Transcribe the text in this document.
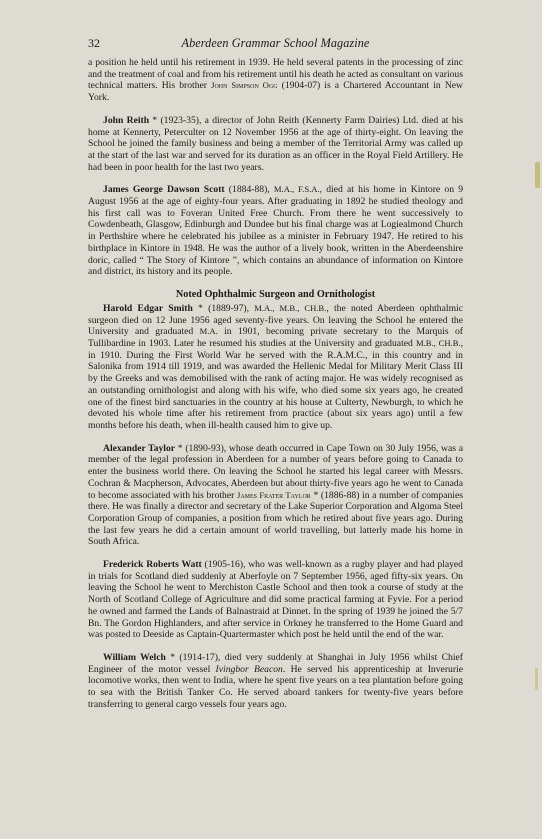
32	Aberdeen Grammar School Magazine

a position he held until his retirement in 1939. He held several patents in the processing of zinc and the treatment of coal and from his retirement until his death he acted as consultant on various technical matters. His brother John Simpson Ogg (1904-07) is a Chartered Accountant in New York.

John Reith * (1923-35), a director of John Reith (Kennerty Farm Dairies) Ltd. died at his home at Kennerty, Peterculter on 12 November 1956 at the age of thirty-eight. On leaving the School he joined the family business and being a member of the Territorial Army was called up at the start of the last war and served for its duration as an officer in the Royal Field Artillery. He had been in poor health for the last two years.

James George Dawson Scott (1884-88), M.A., F.S.A., died at his home in Kintore on 9 August 1956 at the age of eighty-four years. After graduating in 1892 he studied theology and his first call was to Foveran United Free Church. From there he went successively to Cowdenbeath, Glasgow, Edinburgh and Dundee but his final charge was at Logiealmond Church in Perthshire where he celebrated his jubilee as a minister in February 1947. He retired to his birthplace in Kintore in 1948. He was the author of a lively book, written in the Aberdeenshire doric, called “ The Story of Kintore ”, which contains an abundance of information on Kintore and district, its history and its people.

Noted Ophthalmic Surgeon and Ornithologist

Harold Edgar Smith * (1889-97), M.A., M.B., CH.B., the noted Aberdeen ophthalmic surgeon died on 12 June 1956 aged seventy-five years. On leaving the School he entered the University and graduated M.A. in 1901, becoming private secretary to the Marquis of Tullibardine in 1903. Later he resumed his studies at the University and graduated M.B., CH.B., in 1910. During the First World War he served with the R.A.M.C., in this country and in Salonika from 1914 till 1919, and was awarded the Hellenic Medal for Military Merit Class III by the Greeks and was demobilised with the rank of acting major. He was widely recognised as an outstanding ornithologist and along with his wife, who died some six years ago, he created one of the finest bird sanctuaries in the country at his house at Culterty, Newburgh, to which he devoted his whole time after his retirement from practice (about six years ago) until a few months before his death, when ill-health caused him to give up.

Alexander Taylor * (1890-93), whose death occurred in Cape Town on 30 July 1956, was a member of the legal profession in Aberdeen for a number of years before going to Canada to enter the business world there. On leaving the School he started his legal career with Messrs. Cochran & Macpherson, Advocates, Aberdeen but about thirty-five years ago he went to Canada to become associated with his brother James Frater Taylor * (1886-88) in a number of companies there. He was finally a director and secretary of the Lake Superior Corporation and Algoma Steel Corporation Group of companies, a position from which he retired about five years ago. During the last few years he did a certain amount of world travelling, but latterly made his home in South Africa.

Frederick Roberts Watt (1905-16), who was well-known as a rugby player and had played in trials for Scotland died suddenly at Aberfoyle on 7 September 1956, aged fifty-six years. On leaving the School he went to Merchiston Castle School and then took a course of study at the North of Scotland College of Agriculture and did some practical farming at Fyvie. For a period he owned and farmed the Lands of Balnastraid at Dinnet. In the spring of 1939 he joined the 5/7 Bn. The Gordon Highlanders, and after service in Orkney he transferred to the Home Guard and was posted to Deeside as Captain-Quartermaster which post he held until the end of the war.

William Welch * (1914-17), died very suddenly at Shanghai in July 1956 whilst Chief Engineer of the motor vessel Ivingbor Beacon. He served his apprenticeship at Inverurie locomotive works, then went to India, where he spent five years on a tea plantation before going to sea with the British Tanker Co. He served aboard tankers for twenty-five years before transferring to general cargo vessels four years ago.
